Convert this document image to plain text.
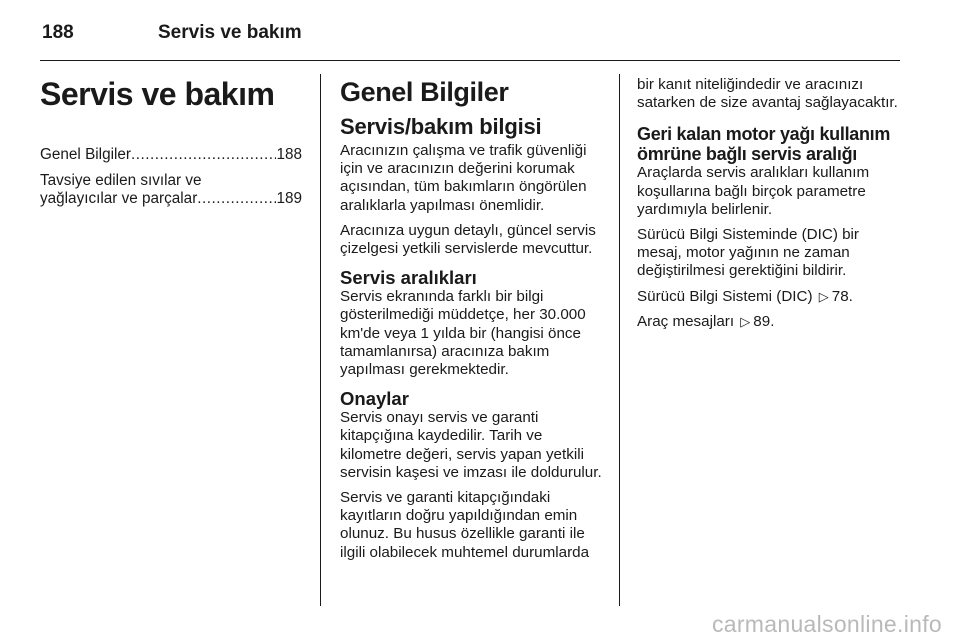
188	Servis ve bakım
Servis ve bakım
Genel Bilgiler .....	188
Tavsiye edilen sıvılar ve
yağlayıcılar ve parçalar .....	189
Genel Bilgiler
Servis/bakım bilgisi

Aracınızın çalışma ve trafik güvenliği için ve aracınızın değerini korumak açısından, tüm bakımların öngörülen aralıklarla yapılması önemlidir.

Aracınıza uygun detaylı, güncel servis çizelgesi yetkili servislerde mevcuttur.

Servis aralıkları

Servis ekranında farklı bir bilgi gösterilmediği müddetçe, her 30.000 km'de veya 1 yılda bir (hangisi önce tamamlanırsa) aracınıza bakım yapılması gerekmektedir.

Onaylar

Servis onayı servis ve garanti kitapçığına kaydedilir. Tarih ve kilometre değeri, servis yapan yetkili servisin kaşesi ve imzası ile doldurulur.

Servis ve garanti kitapçığındaki kayıtların doğru yapıldığından emin olunuz. Bu husus özellikle garanti ile ilgili olabilecek muhtemel durumlarda

bir kanıt niteliğindedir ve aracınızı satarken de size avantaj sağlayacaktır.

Geri kalan motor yağı kullanım ömrüne bağlı servis aralığı

Araçlarda servis aralıkları kullanım koşullarına bağlı birçok parametre yardımıyla belirlenir.

Sürücü Bilgi Sisteminde (DIC) bir mesaj, motor yağının ne zaman değiştirilmesi gerektiğini bildirir.

Sürücü Bilgi Sistemi (DIC) ▷ 78.

Araç mesajları ▷ 89.

carmanualsonline.info
